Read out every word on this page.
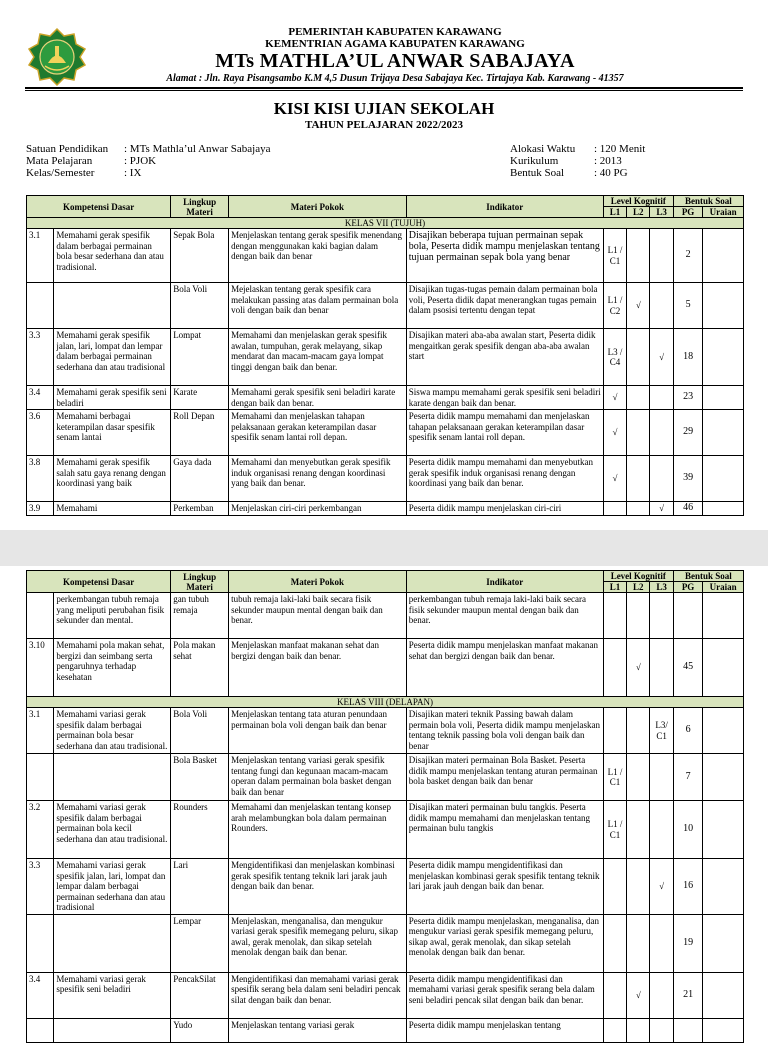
PEMERINTAH KABUPATEN KARAWANG
KEMENTRIAN AGAMA KABUPATEN KARAWANG
MTs MATHLA’UL ANWAR SABAJAYA
Alamat : Jln. Raya Pisangsambo K.M 4,5 Dusun Trijaya Desa Sabajaya Kec. Tirtajaya Kab. Karawang - 41357
KISI KISI UJIAN SEKOLAH
TAHUN PELAJARAN 2022/2023
Satuan Pendidikan : MTs Mathla’ul Anwar Sabajaya
Mata Pelajaran	: PJOK
Kelas/Semester	: IX
Alokasi Waktu : 120 Menit
Kurikulum	: 2013
Bentuk Soal	: 40 PG
Kompetensi Dasar		Lingkup Materi	Materi Pokok	Indikator	Level Kognitif			Bentuk Soal	
					L1	L2	L3	PG	Uraian
KELAS VII (TUJUH)									
3.1	Memahami gerak spesifik dalam berbagai permainan bola besar sederhana dan atau tradisional.	Sepak Bola	Menjelaskan tentang gerak spesifik menendang dengan menggunakan kaki bagian dalam dengan baik dan benar	Disajikan beberapa tujuan permainan sepak bola, Peserta didik mampu menjelaskan tentang tujuan permainan sepak bola yang benar	L1 / C1			2	
		Bola Voli	Mejelaskan tentang gerak spesifik cara melakukan passing atas dalam permainan bola voli dengan baik dan benar	Disajikan tugas-tugas pemain dalam permainan bola voli, Peserta didik dapat menerangkan tugas pemain dalam psosisi tertentu dengan tepat	L1 / C2	√		5	
3.3	Memahami gerak spesifik jalan, lari, lompat dan lempar dalam berbagai permainan sederhana dan atau tradisional	Lompat	Memahami dan menjelaskan gerak spesifik awalan, tumpuhan, gerak melayang, sikap mendarat dan macam-macam gaya lompat tinggi dengan baik dan benar.	Disajikan materi aba-aba awalan start, Peserta didik mengaitkan gerak spesifik dengan aba-aba awalan start	L3 / C4		√	18	
3.4	Memahami gerak spesifik seni beladiri	Karate	Memahami gerak spesifik seni beladiri karate dengan baik dan benar.	Siswa mampu memahami gerak spesifik seni beladiri karate dengan baik dan benar.	√			23	
3.6	Memahami berbagai keterampilan dasar spesifik senam lantai	Roll Depan	Memahami dan menjelaskan tahapan pelaksanaan gerakan keterampilan dasar spesifik senam lantai roll depan.	Peserta didik mampu memahami dan menjelaskan tahapan pelaksanaan gerakan keterampilan dasar spesifik senam lantai roll depan.	√			29	
3.8	Memahami gerak spesifik salah satu gaya renang dengan koordinasi yang baik	Gaya dada	Memahami dan menyebutkan gerak spesifik induk organisasi renang dengan koordinasi yang baik dan benar.	Peserta didik mampu memahami dan menyebutkan gerak spesifik induk organisasi renang dengan koordinasi yang baik dan benar.	√			39	
3.9	Memahami	Perkemban	Menjelaskan ciri-ciri perkembangan	Peserta didik mampu menjelaskan ciri-ciri			√	46	
Kompetensi Dasar		Lingkup Materi	Materi Pokok	Indikator	Level Kognitif			Bentuk Soal	
					L1	L2	L3	PG	Uraian
	perkembangan tubuh remaja yang meliputi perubahan fisik sekunder dan mental.	gan tubuh remaja	tubuh remaja laki-laki baik secara fisik sekunder maupun mental dengan baik dan benar.	perkembangan tubuh remaja laki-laki baik secara fisik sekunder maupun mental dengan baik dan benar.					
3.10	Memahami pola makan sehat, bergizi dan seimbang serta pengaruhnya terhadap kesehatan	Pola makan sehat	Menjelaskan manfaat makanan sehat dan bergizi dengan baik dan benar.	Peserta didik mampu menjelaskan manfaat makanan sehat dan bergizi dengan baik dan benar.		√		45	
KELAS VIII (DELAPAN)									
3.1	Memahami variasi gerak spesifik dalam berbagai permainan bola besar sederhana dan atau tradisional.	Bola Voli	Menjelaskan tentang tata aturan penundaan permainan bola voli dengan baik dan benar	Disajikan materi teknik Passing bawah dalam permain bola voli, Peserta didik mampu menjelaskan tentang teknik passing bola voli dengan baik dan benar			L3/ C1	6	
		Bola Basket	Menjelaskan tentang variasi gerak spesifik tentang fungi dan kegunaan macam-macam operan dalam permainan bola basket dengan baik dan benar	Disajikan materi permainan Bola Basket. Peserta didik mampu menjelaskan tentang aturan permainan bola basket dengan baik dan benar	L1 / C1			7	
3.2	Memahami variasi gerak spesifik dalam berbagai permainan bola kecil sederhana dan atau tradisional.	Rounders	Memahami dan menjelaskan tentang konsep arah melambungkan bola dalam permainan Rounders.	Disajikan materi permainan bulu tangkis. Peserta didik mampu memahami dan menjelaskan tentang permainan bulu tangkis	L1 / C1			10	
3.3	Memahami variasi gerak spesifik jalan, lari, lompat dan lempar dalam berbagai permainan sederhana dan atau tradisional	Lari	Mengidentifikasi dan menjelaskan kombinasi gerak spesifik tentang teknik lari jarak jauh dengan baik dan benar.	Peserta didik mampu mengidentifikasi dan menjelaskan kombinasi gerak spesifik tentang teknik lari jarak jauh dengan baik dan benar.			√	16	
		Lempar	Menjelaskan, menganalisa, dan mengukur variasi gerak spesifik memegang peluru, sikap awal, gerak menolak, dan sikap setelah menolak dengan baik dan benar.	Peserta didik mampu menjelaskan, menganalisa, dan mengukur variasi gerak spesifik memegang peluru, sikap awal, gerak menolak, dan sikap setelah menolak dengan baik dan benar.				19	
3.4	Memahami variasi gerak spesifik seni beladiri	PencakSilat	Mengidentifikasi dan memahami variasi gerak spesifik serang bela dalam seni beladiri pencak silat dengan baik dan benar.	Peserta didik mampu mengidentifikasi dan memahami variasi gerak spesifik serang bela dalam seni beladiri pencak silat dengan baik dan benar.		√		21	
		Yudo	Menjelaskan tentang variasi gerak	Peserta didik mampu menjelaskan tentang					
